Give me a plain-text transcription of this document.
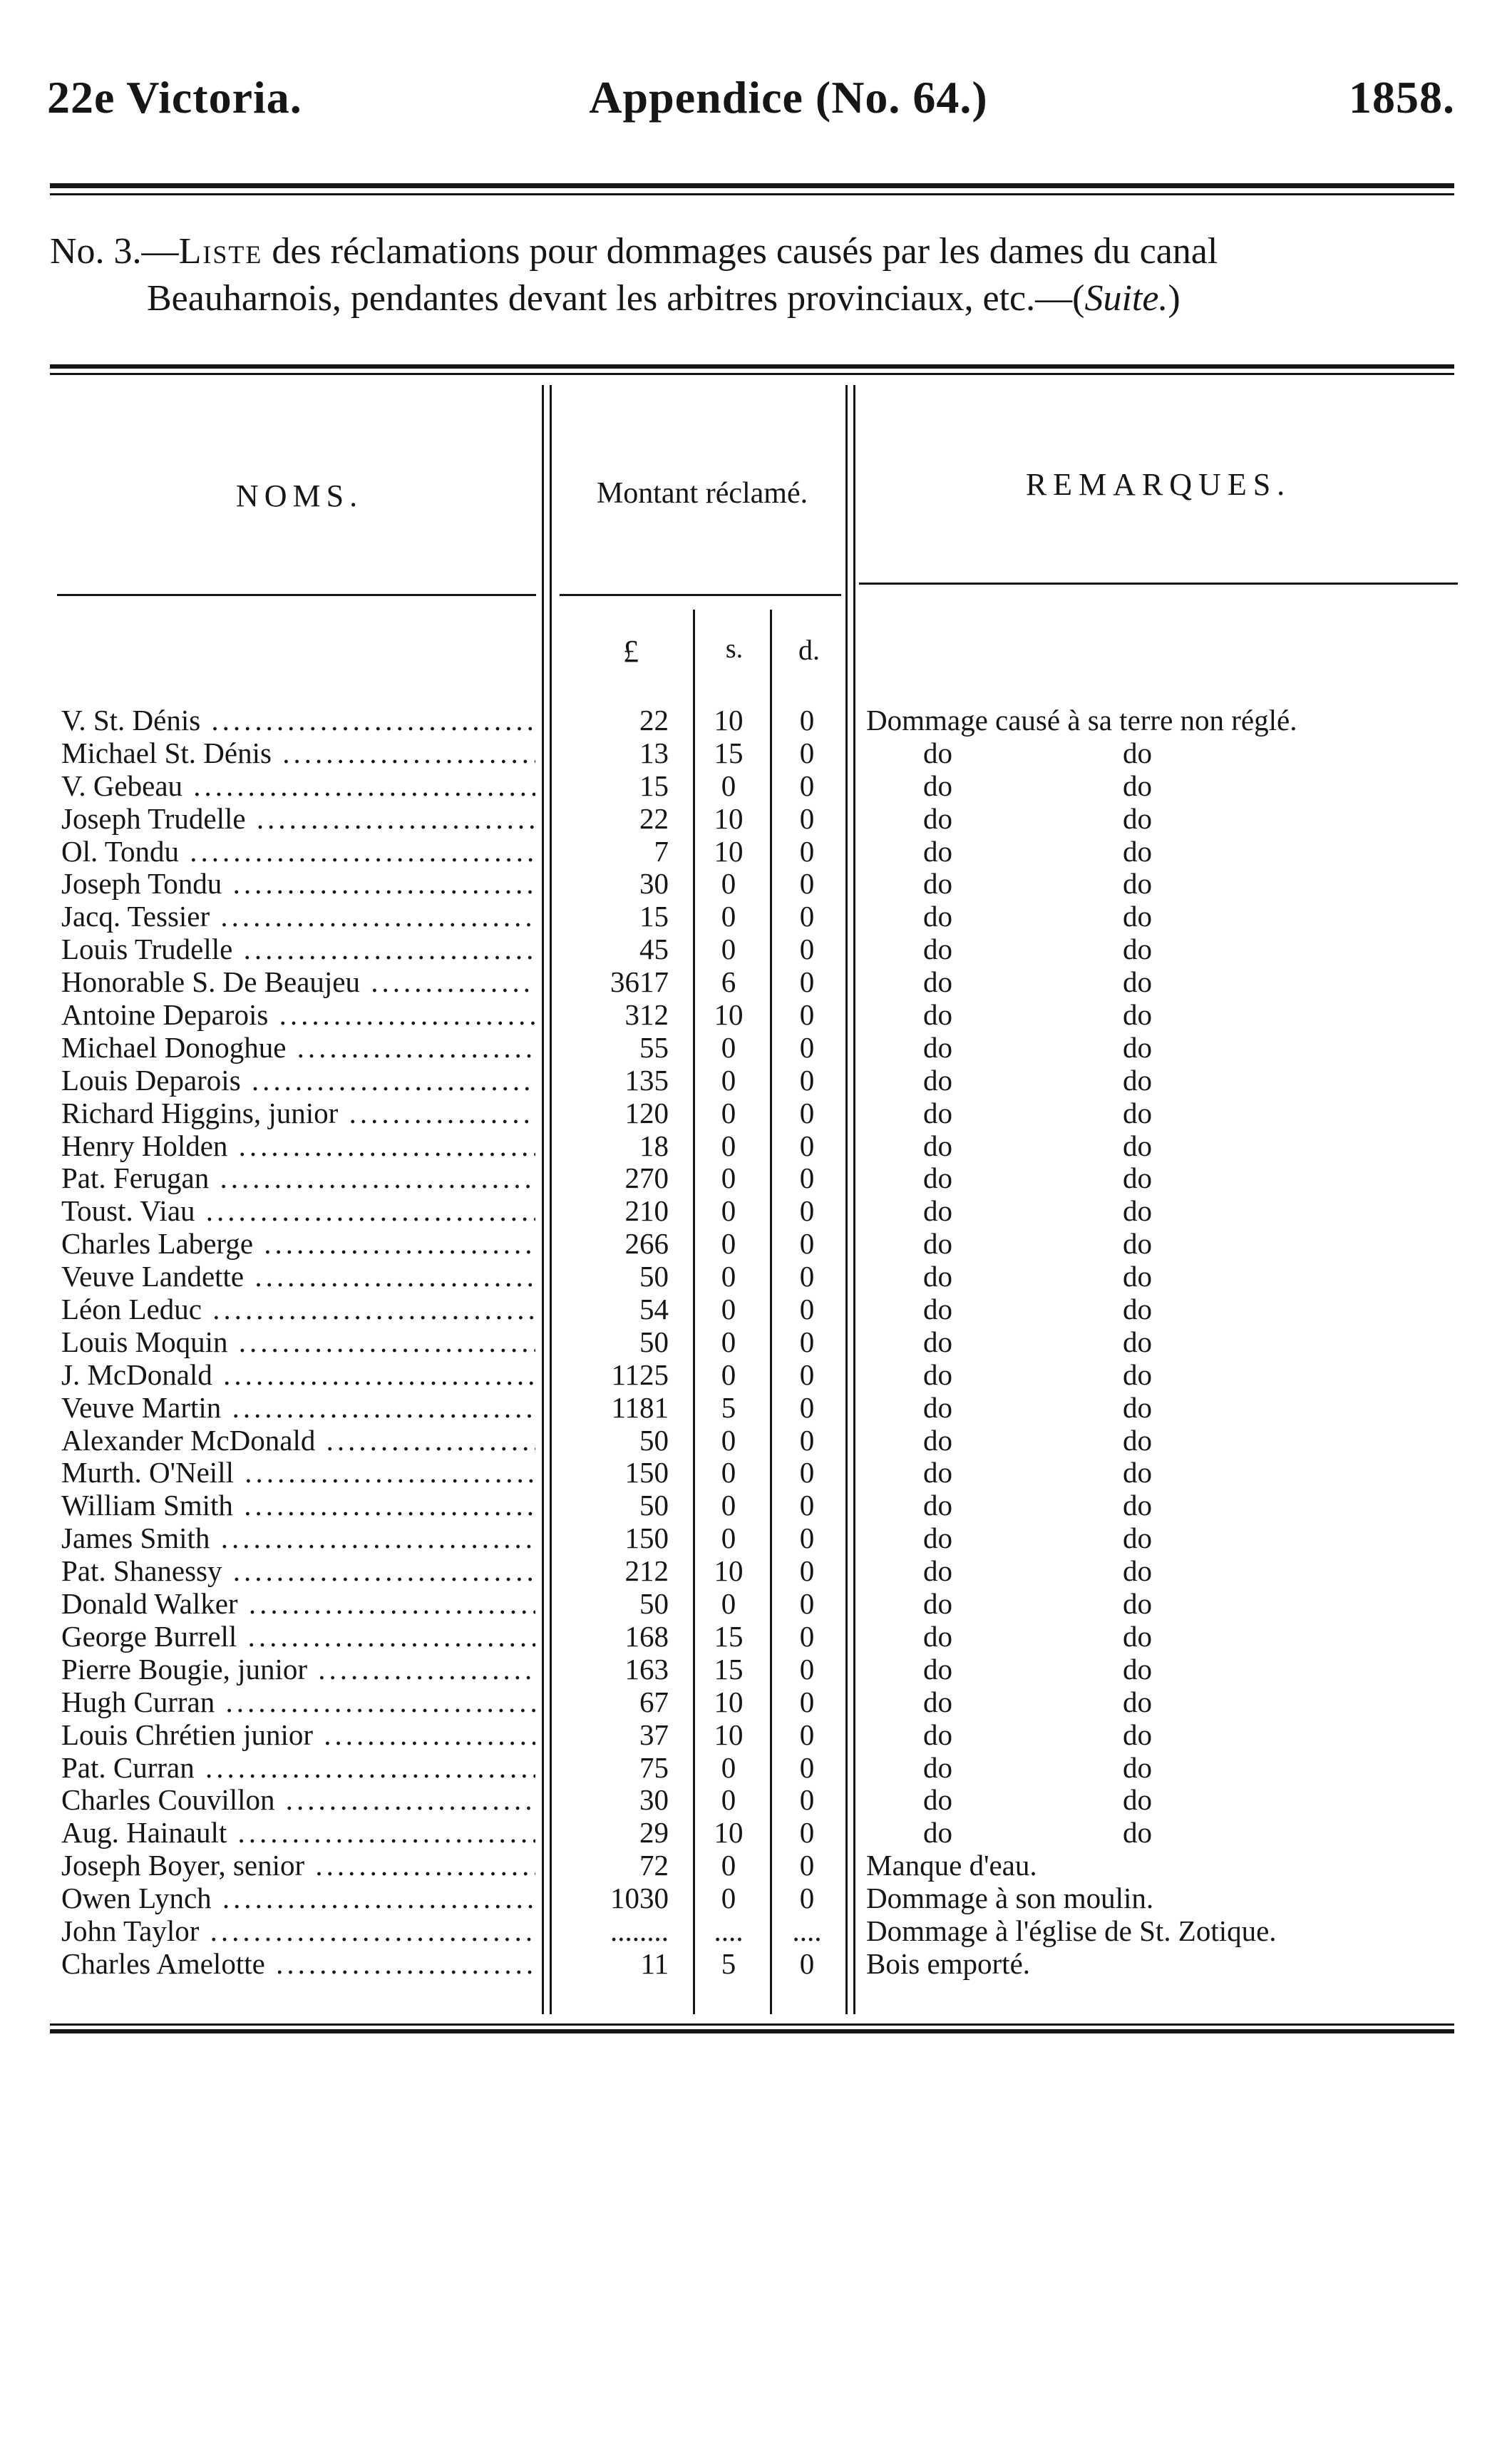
22e Victoria.	Appendice (No. 64.)	1858.
No. 3.—Liste des réclamations pour dommages causés par les dames du canal
Beauharnois, pendantes devant les arbitres provinciaux, etc.—(Suite.)
NOMS.	Montant réclamé.	REMARQUES.
£	s.	d.
V. St. Dénis .....	22	10	0	Dommage causé à sa terre non réglé.
Michael St. Dénis .....	13	15	0	do	do
V. Gebeau .....	15	0	0	do	do
Joseph Trudelle .....	22	10	0	do	do
Ol. Tondu .....	7	10	0	do	do
Joseph Tondu .....	30	0	0	do	do
Jacq. Tessier .....	15	0	0	do	do
Louis Trudelle .....	45	0	0	do	do
Honorable S. De Beaujeu .....	3617	6	0	do	do
Antoine Deparois .....	312	10	0	do	do
Michael Donoghue .....	55	0	0	do	do
Louis Deparois .....	135	0	0	do	do
Richard Higgins, junior .....	120	0	0	do	do
Henry Holden .....	18	0	0	do	do
Pat. Ferugan .....	270	0	0	do	do
Toust. Viau .....	210	0	0	do	do
Charles Laberge .....	266	0	0	do	do
Veuve Landette .....	50	0	0	do	do
Léon Leduc .....	54	0	0	do	do
Louis Moquin .....	50	0	0	do	do
J. McDonald .....	1125	0	0	do	do
Veuve Martin .....	1181	5	0	do	do
Alexander McDonald .....	50	0	0	do	do
Murth. O'Neill .....	150	0	0	do	do
William Smith .....	50	0	0	do	do
James Smith .....	150	0	0	do	do
Pat. Shanessy .....	212	10	0	do	do
Donald Walker .....	50	0	0	do	do
George Burrell .....	168	15	0	do	do
Pierre Bougie, junior .....	163	15	0	do	do
Hugh Curran .....	67	10	0	do	do
Louis Chrétien junior .....	37	10	0	do	do
Pat. Curran .....	75	0	0	do	do
Charles Couvillon .....	30	0	0	do	do
Aug. Hainault .....	29	10	0	do	do
Joseph Boyer, senior .....	72	0	0	Manque d'eau.
Owen Lynch .....	1030	0	0	Dommage à son moulin.
John Taylor .....	........	....	....	Dommage à l'église de St. Zotique.
Charles Amelotte .....	11	5	0	Bois emporté.
